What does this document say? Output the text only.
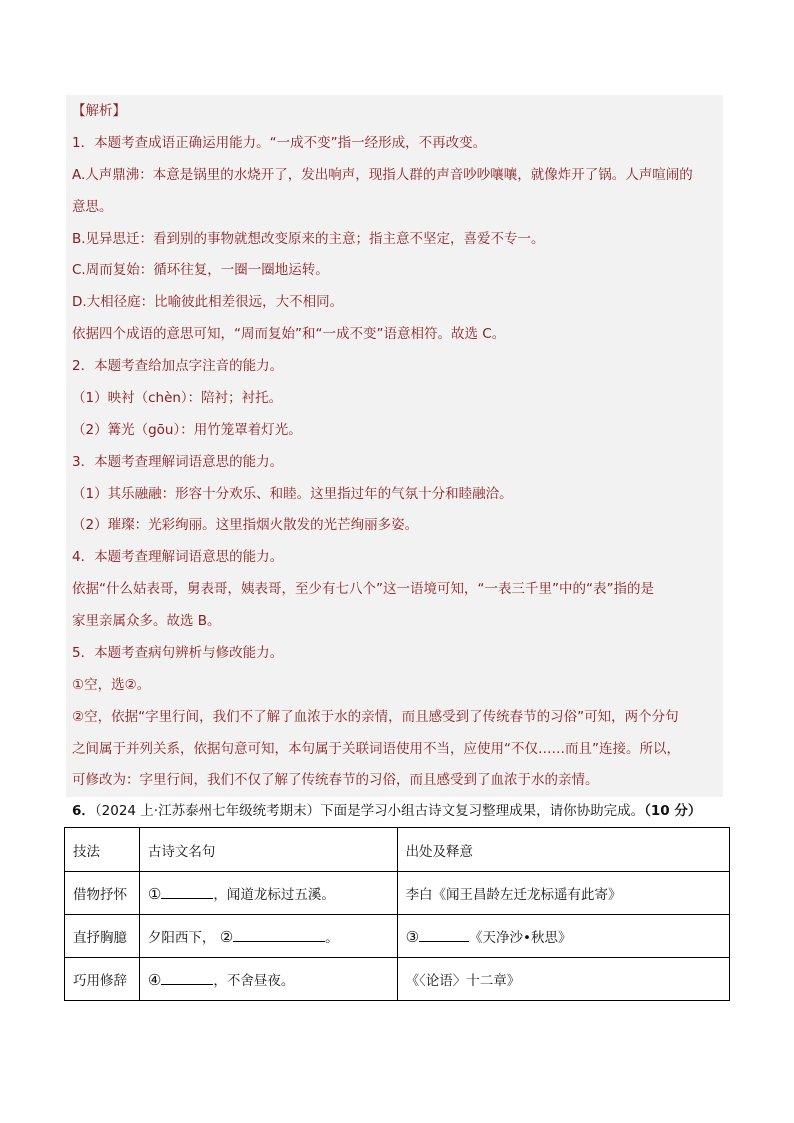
【解析】
1．本题考查成语正确运用能力。“一成不变”指一经形成，不再改变。
A.人声鼎沸：本意是锅里的水烧开了，发出响声，现指人群的声音吵吵嚷嚷，就像炸开了锅。人声喧闹的
意思。
B.见异思迁：看到别的事物就想改变原来的主意；指主意不坚定，喜爱不专一。
C.周而复始：循环往复，一圈一圈地运转。
D.大相径庭：比喻彼此相差很远，大不相同。
依据四个成语的意思可知，“周而复始”和“一成不变”语意相符。故选 C。
2．本题考查给加点字注音的能力。
（1）映衬（chèn）：陪衬；衬托。
（2）篝光（gōu）：用竹笼罩着灯光。
3．本题考查理解词语意思的能力。
（1）其乐融融：形容十分欢乐、和睦。这里指过年的气氛十分和睦融洽。
（2）璀璨：光彩绚丽。这里指烟火散发的光芒绚丽多姿。
4．本题考查理解词语意思的能力。
依据“什么姑表哥，舅表哥，姨表哥，至少有七八个”这一语境可知，“一表三千里”中的“表”指的是
家里亲属众多。故选 B。
5．本题考查病句辨析与修改能力。
①空，选②。
②空，依据“字里行间，我们不了解了血浓于水的亲情，而且感受到了传统春节的习俗”可知，两个分句
之间属于并列关系，依据句意可知，本句属于关联词语使用不当，应使用“不仅……而且”连接。所以，
可修改为：字里行间，我们不仅了解了传统春节的习俗，而且感受到了血浓于水的亲情。
6．（2024 上·江苏泰州七年级统考期末）下面是学习小组古诗文复习整理成果，请你协助完成。（10 分）
技法	古诗文名句	出处及释意
借物抒怀	① ，闻道龙标过五溪。	李白《闻王昌龄左迁龙标遥有此寄》
直抒胸臆	夕阳西下， ② 。	③ 《天净沙•秋思》
巧用修辞	④ ，不舍昼夜。	《〈论语〉十二章》
